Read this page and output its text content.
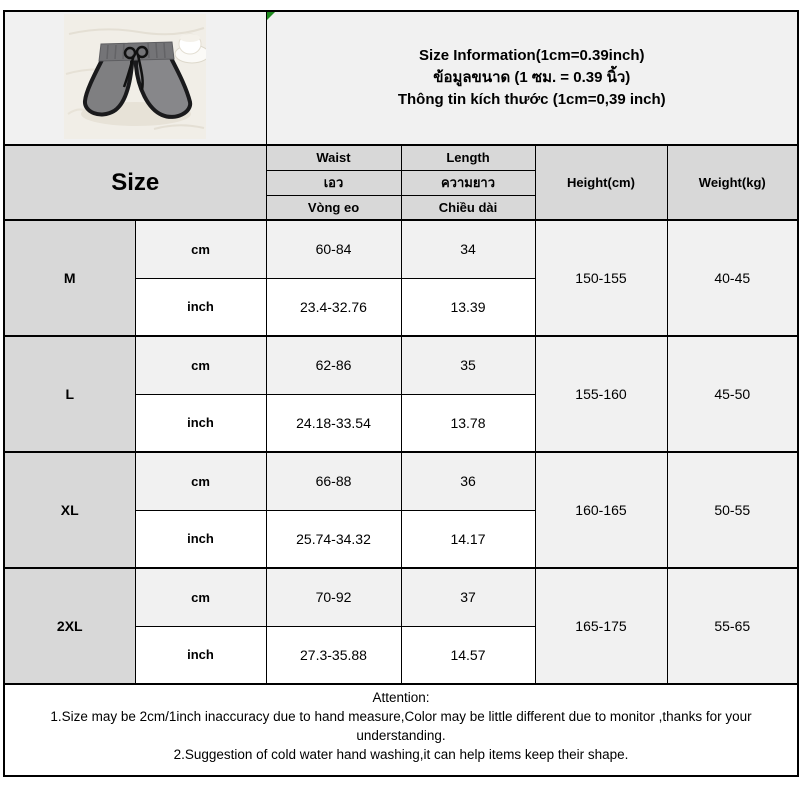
Size Information(1cm=0.39inch)
ข้อมูลขนาด (1 ซม. = 0.39 นิ้ว)
Thông tin kích thước (1cm=0,39 inch)			

Size		Waist	Length	Height(cm)	Weight(kg)
		เอว	ความยาว		
		Vòng eo	Chiều dài		
M	cm	60-84	34	150-155	40-45
	inch	23.4-32.76	13.39		
L	cm	62-86	35	155-160	45-50
	inch	24.18-33.54	13.78		
XL	cm	66-88	36	160-165	50-55
	inch	25.74-34.32	14.17		
2XL	cm	70-92	37	165-175	55-65
	inch	27.3-35.88	14.57		

Attention:
1.Size may be 2cm/1inch inaccuracy due to hand measure,Color may be little different due to monitor ,thanks for your understanding.
2.Suggestion of cold water hand washing,it can help items keep their shape.					
